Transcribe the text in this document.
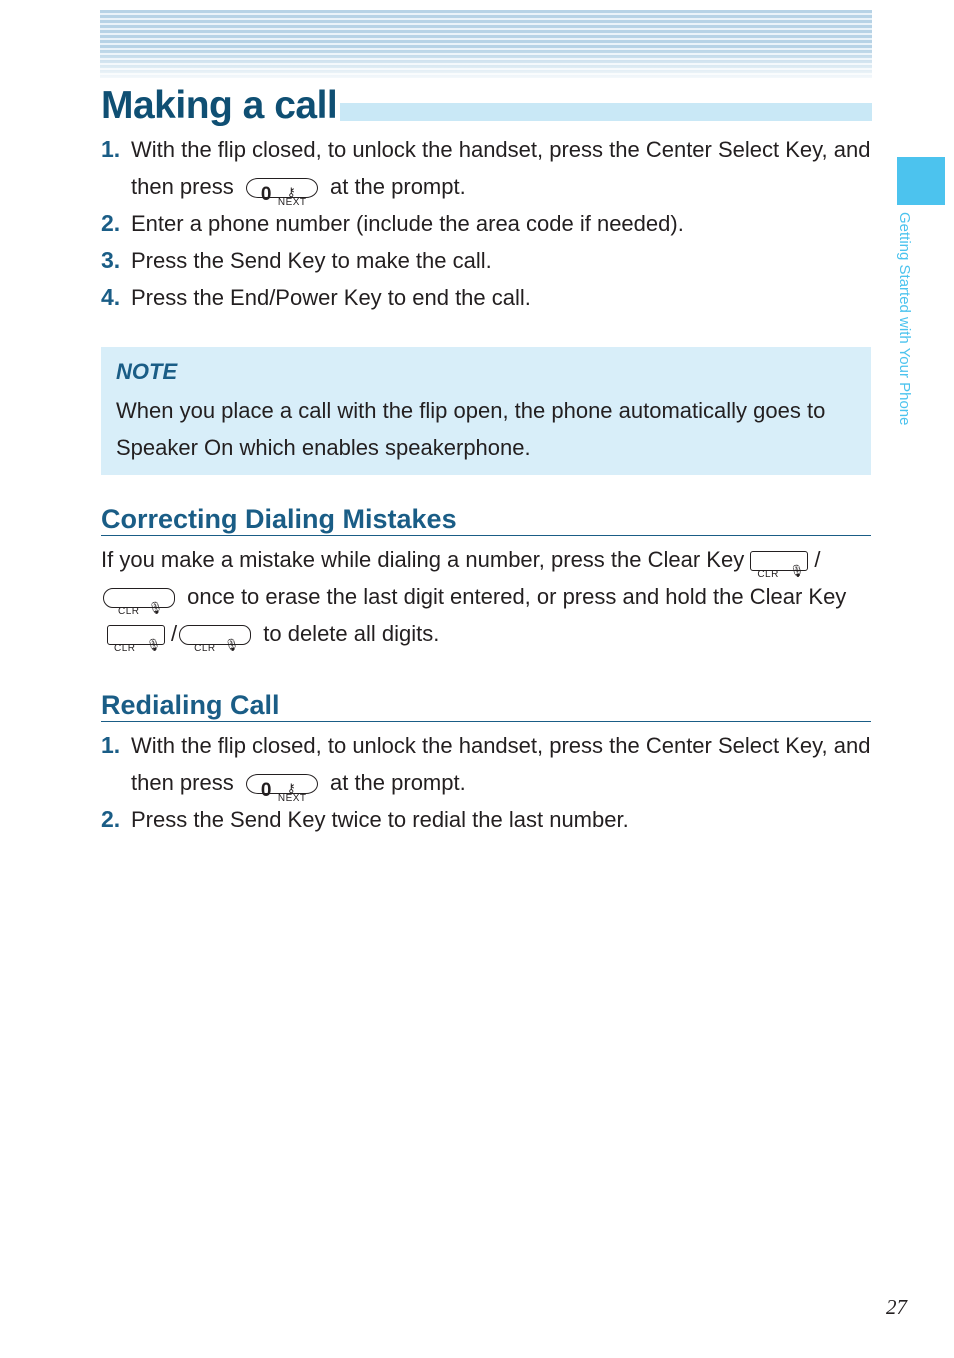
Making a call
1. With the flip closed, to unlock the handset, press the Center Select Key, and then press 0 NEXT
⚷ at the prompt.
2. Enter a phone number (include the area code if needed).
3. Press the Send Key to make the call.
4. Press the End/Power Key to end the call.
NOTE
When you place a call with the flip open, the phone automatically goes to Speaker On which enables speakerphone.
Correcting Dialing Mistakes
If you make a mistake while dialing a number, press the Clear Key
CLR 🎙 /
CLR 🎙 once to erase the last digit entered, or press and hold the Clear Key
CLR 🎙 /
CLR 🎙 to delete all digits.
Redialing Call
1. With the flip closed, to unlock the handset, press the Center Select Key, and then press 0 NEXT
⚷ at the prompt.
2. Press the Send Key twice to redial the last number.
Getting Started with Your Phone
27
